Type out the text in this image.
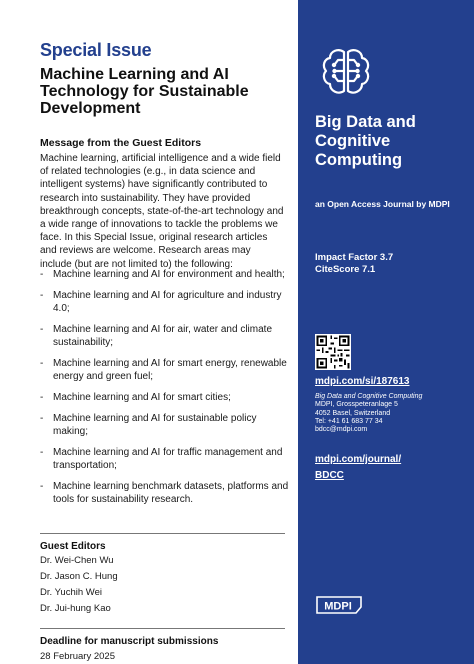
Special Issue
Machine Learning and AI Technology for Sustainable Development
Message from the Guest Editors
Machine learning, artificial intelligence and a wide field of related technologies (e.g., in data science and intelligent systems) have significantly contributed to research into sustainability. They have provided breakthrough concepts, state-of-the-art technology and a wide range of innovations to tackle the problems we face. In this Special Issue, original research articles and reviews are welcome. Research areas may include (but are not limited to) the following:
- Machine learning and AI for environment and health;
- Machine learning and AI for agriculture and industry 4.0;
- Machine learning and AI for air, water and climate sustainability;
- Machine learning and AI for smart energy, renewable energy and green fuel;
- Machine learning and AI for smart cities;
- Machine learning and AI for sustainable policy making;
- Machine learning and AI for traffic management and transportation;
- Machine learning benchmark datasets, platforms and tools for sustainability research.
Guest Editors
Dr. Wei-Chen Wu
Dr. Jason C. Hung
Dr. Yuchih Wei
Dr. Jui-hung Kao
Deadline for manuscript submissions
28 February 2025
Big Data and Cognitive Computing
an Open Access Journal by MDPI
Impact Factor 3.7
CiteScore 7.1
mdpi.com/si/187613
Big Data and Cognitive Computing
MDPI, Grosspeteranlage 5
4052 Basel, Switzerland
Tel: +41 61 683 77 34
bdcc@mdpi.com
mdpi.com/journal/
BDCC
MDPI
